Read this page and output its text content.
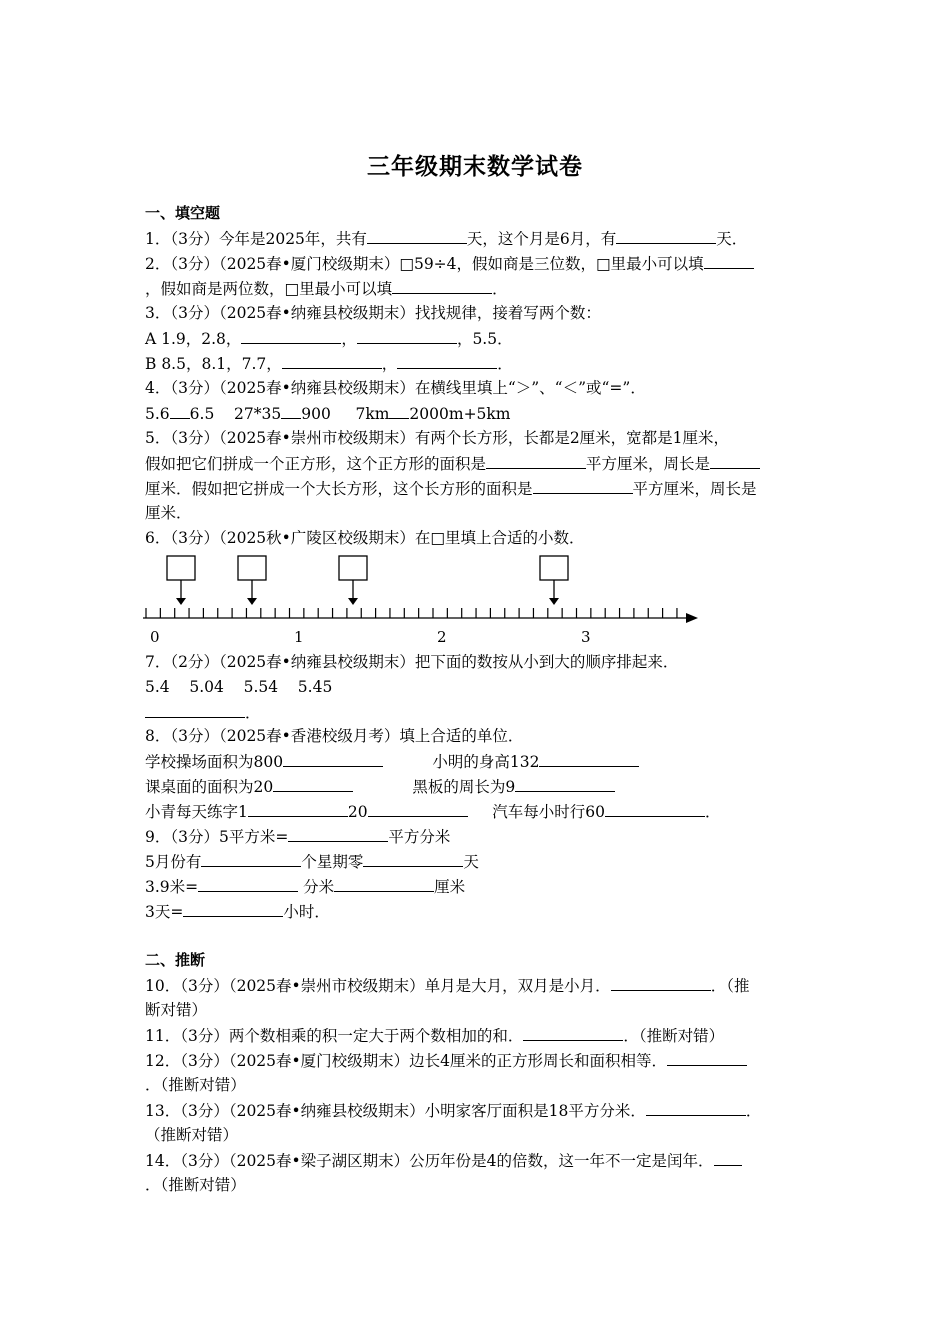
三年级期末数学试卷
一、填空题
1．（3分）今年是2025年，共有	天，这个月是6月，有	天．
2．（3分）（2025春•厦门校级期末）□59÷4，假如商是三位数，□里最小可以填
，假如商是两位数，□里最小可以填	．
3．（3分）（2025春•纳雍县校级期末）找找规律，接着写两个数：
A 1.9，2.8，	，	，5.5．
B 8.5，8.1，7.7，	，	．
4．（3分）（2025春•纳雍县校级期末）在横线里填上“＞”、“＜”或“=”．
5.6 6.5 27*35 900 7km 2000m+5km
5．（3分）（2025春•崇州市校级期末）有两个长方形，长都是2厘米，宽都是1厘米，
假如把它们拼成一个正方形，这个正方形的面积是	平方厘米，周长是
厘米．假如把它拼成一个大长方形，这个长方形的面积是	平方厘米，周长是
厘米．
6．（3分）（2025秋•广陵区校级期末）在□里填上合适的小数．
0	1	2	3
7．（2分）（2025春•纳雍县校级期末）把下面的数按从小到大的顺序排起来．
5.4    5.04    5.54    5.45
．
8．（3分）（2025春•香港校级月考）填上合适的单位．
学校操场面积为800	小明的身高132
课桌面的面积为20	黑板的周长为9
小青每天练字1	20	汽车每小时行60	．
9．（3分）5平方米=	平方分米
5月份有	个星期零	天
3.9米=	分米	厘米
3天=	小时．
二、推断
10．（3分）（2025春•崇州市校级期末）单月是大月，双月是小月．	．（推
断对错）
11．（3分）两个数相乘的积一定大于两个数相加的和．	．（推断对错）
12．（3分）（2025春•厦门校级期末）边长4厘米的正方形周长和面积相等．
．（推断对错）
13．（3分）（2025春•纳雍县校级期末）小明家客厅面积是18平方分米．	．
（推断对错）
14．（3分）（2025春•梁子湖区期末）公历年份是4的倍数，这一年不一定是闰年．
．（推断对错）
